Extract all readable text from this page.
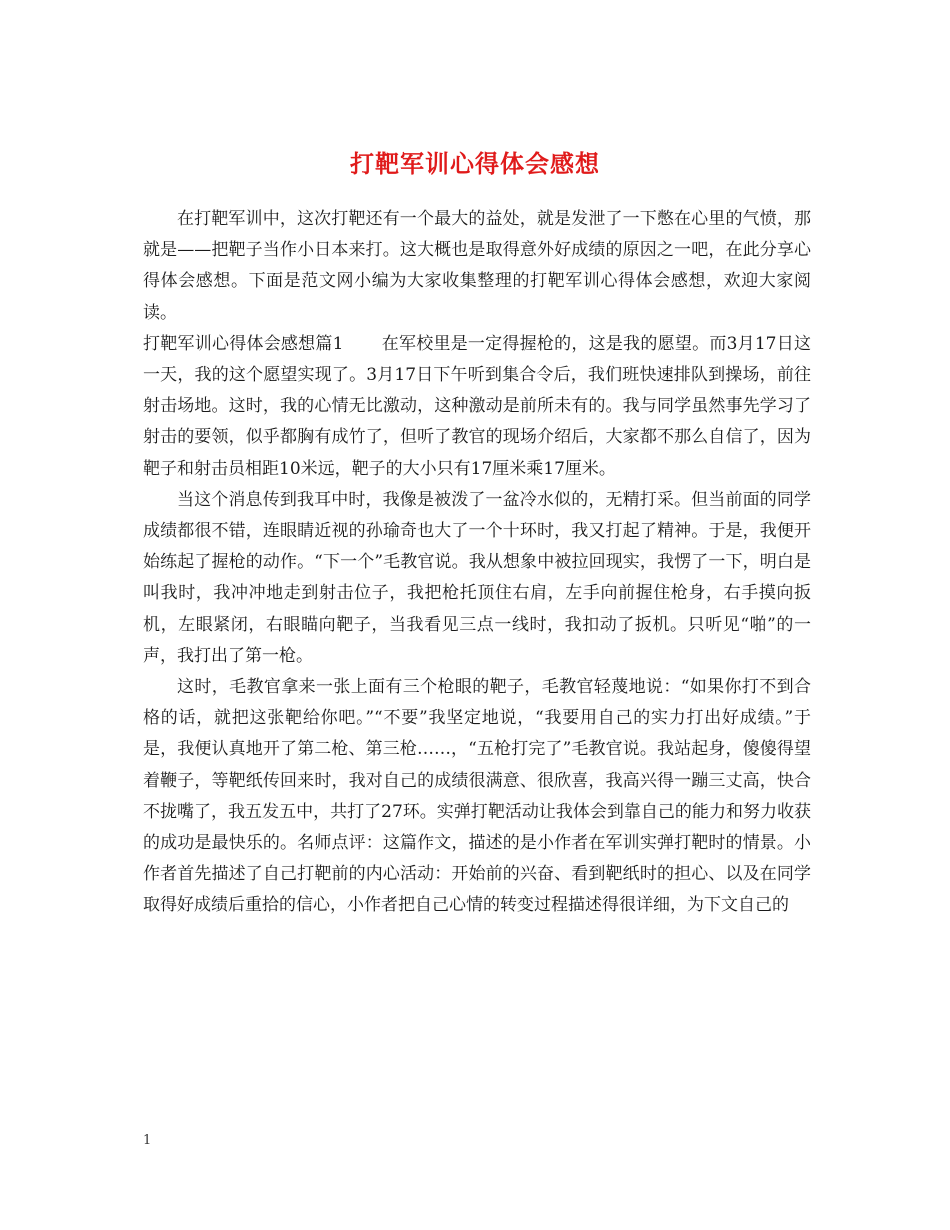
打靶军训心得体会感想

在打靶军训中，这次打靶还有一个最大的益处，就是发泄了一下憋在心里的气愤，那就是——把靶子当作小日本来打。这大概也是取得意外好成绩的原因之一吧，在此分享心得体会感想。下面是范文网小编为大家收集整理的打靶军训心得体会感想，欢迎大家阅读。

打靶军训心得体会感想篇1 在军校里是一定得握枪的，这是我的愿望。而3月17日这一天，我的这个愿望实现了。3月17日下午听到集合令后，我们班快速排队到操场，前往射击场地。这时，我的心情无比激动，这种激动是前所未有的。我与同学虽然事先学习了射击的要领，似乎都胸有成竹了，但听了教官的现场介绍后，大家都不那么自信了，因为靶子和射击员相距10米远，靶子的大小只有17厘米乘17厘米。

当这个消息传到我耳中时，我像是被泼了一盆冷水似的，无精打采。但当前面的同学成绩都很不错，连眼睛近视的孙瑜奇也大了一个十环时，我又打起了精神。于是，我便开始练起了握枪的动作。“下一个”毛教官说。我从想象中被拉回现实，我愣了一下，明白是叫我时，我冲冲地走到射击位子，我把枪托顶住右肩，左手向前握住枪身，右手摸向扳机，左眼紧闭，右眼瞄向靶子，当我看见三点一线时，我扣动了扳机。只听见“啪”的一声，我打出了第一枪。

这时，毛教官拿来一张上面有三个枪眼的靶子，毛教官轻蔑地说：“如果你打不到合格的话，就把这张靶给你吧。”“不要”我坚定地说，“我要用自己的实力打出好成绩。”于是，我便认真地开了第二枪、第三枪……，“五枪打完了”毛教官说。我站起身，傻傻得望着鞭子，等靶纸传回来时，我对自己的成绩很满意、很欣喜，我高兴得一蹦三丈高，快合不拢嘴了，我五发五中，共打了27环。实弹打靶活动让我体会到靠自己的能力和努力收获的成功是最快乐的。名师点评：这篇作文，描述的是小作者在军训实弹打靶时的情景。小作者首先描述了自己打靶前的内心活动：开始前的兴奋、看到靶纸时的担心、以及在同学取得好成绩后重拾的信心，小作者把自己心情的转变过程描述得很详细，为下文自己的

1
